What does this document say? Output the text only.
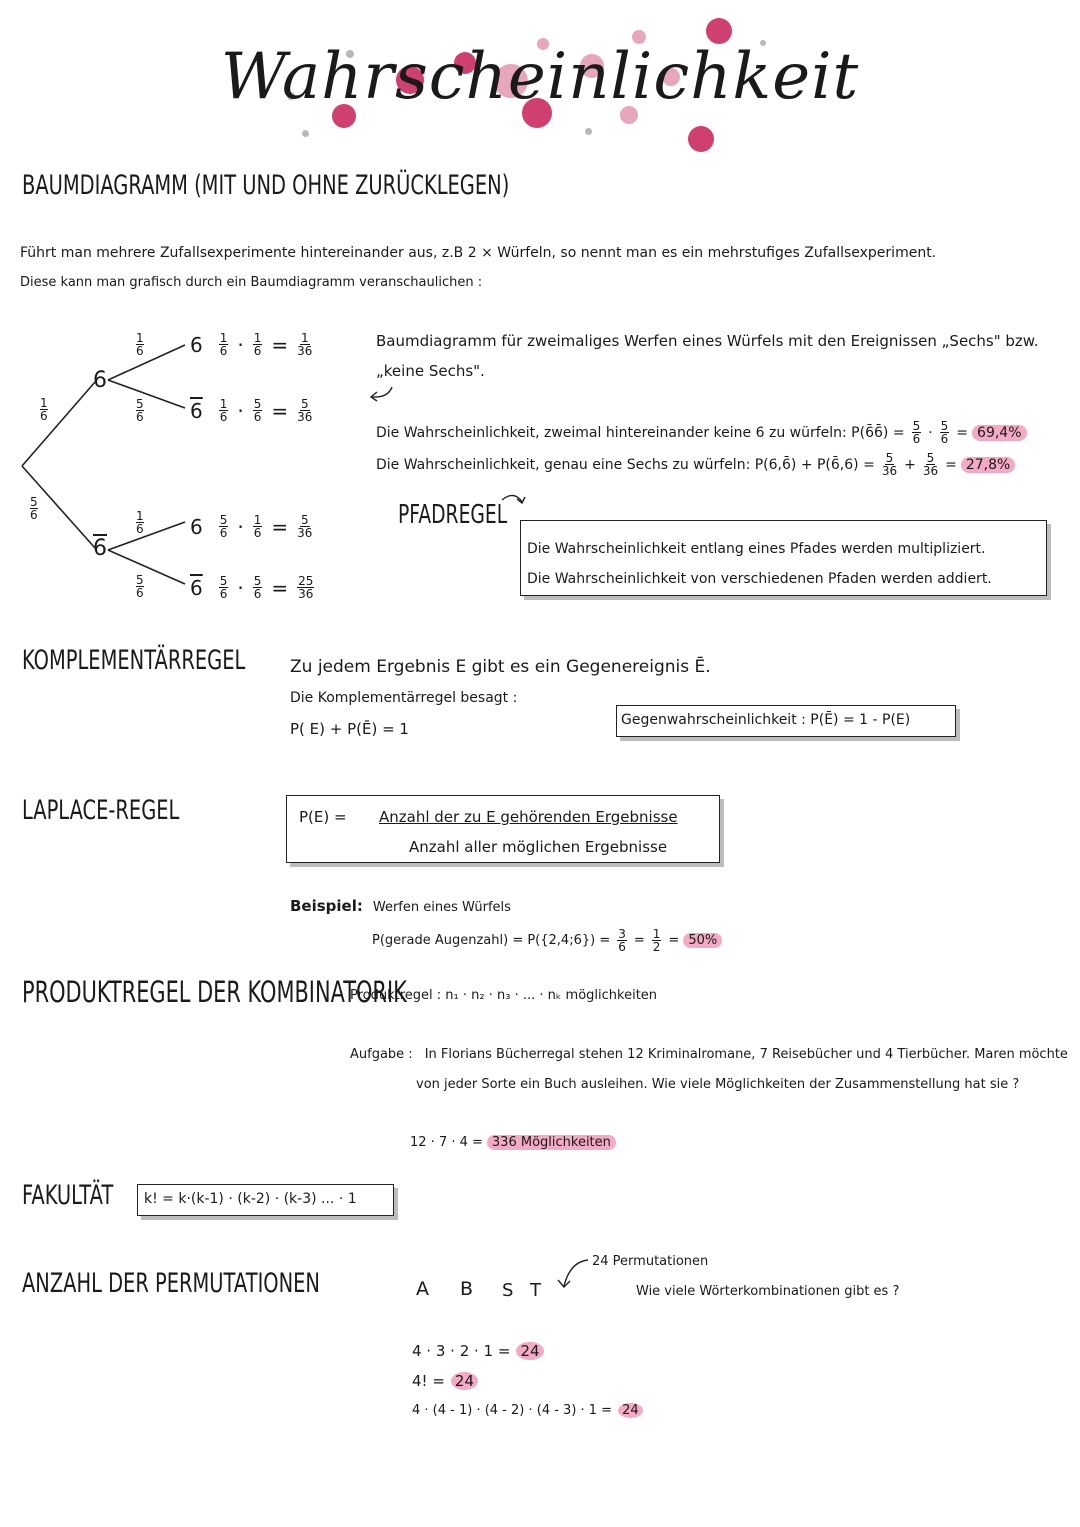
Wahrscheinlichkeit
BAUMDIAGRAMM (MIT UND OHNE ZURÜCKLEGEN)
Führt man mehrere Zufallsexperimente hintereinander aus, z.B 2 × Würfeln, so nennt man es ein mehrstufiges Zufallsexperiment.
Diese kann man grafisch durch ein Baumdiagramm veranschaulichen :
1
6
5
6
6
6
1
6
5
6
1
6
5
6
$6 \frac{1}{6} \cdot \frac{1}{6} = \frac{1}{36}$
$6 \frac{1}{6} \cdot \frac{5}{6} = \frac{5}{36}$
$6 \frac{5}{6} \cdot \frac{1}{6} = \frac{5}{36}$
$6 \frac{5}{6} \cdot \frac{5}{6} = \frac{25}{36}$
Baumdiagramm für zweimaliges Werfen eines Würfels mit den Ereignissen „Sechs" bzw.
„keine Sechs".
Die Wahrscheinlichkeit, zweimal hintereinander keine 6 zu würfeln: P(6̄6̄) = $\frac{5}{6} \cdot \frac{5}{6} = 69,4\%$
Die Wahrscheinlichkeit, genau eine Sechs zu würfeln: P(6,6̄) + P(6̄,6) = $\frac{5}{36} + \frac{5}{36} = 27,8\%$
PFADREGEL
Die Wahrscheinlichkeit entlang eines Pfades werden multipliziert.
Die Wahrscheinlichkeit von verschiedenen Pfaden werden addiert.
KOMPLEMENTÄRREGEL	Zu jedem Ergebnis E gibt es ein Gegenereignis Ē.
Die Komplementärregel besagt :
P( E) + P(Ē) = 1	Gegenwahrscheinlichkeit : P(Ē) = 1 - P(E)
LAPLACE-REGEL	P(E) = Anzahl der zu E gehörenden Ergebnisse
Anzahl aller möglichen Ergebnisse
Beispiel: Werfen eines Würfels
P(gerade Augenzahl) = P({2,4;6}) = $\frac{3}{6} = \frac{1}{2} = 50\%$
PRODUKTREGEL DER KOMBINATORIK
Produktregel : n₁ · n₂ · n₃ · ... · nₖ möglichkeiten
Aufgabe : In Florians Bücherregal stehen 12 Kriminalromane, 7 Reisebücher und 4 Tierbücher. Maren möchte
von jeder Sorte ein Buch ausleihen. Wie viele Möglichkeiten der Zusammenstellung hat sie ?
12 · 7 · 4 = 336 Möglichkeiten
FAKULTÄT k! = k·(k-1) · (k-2) · (k-3) ... · 1
ANZAHL DER PERMUTATIONEN	A B S T
24 Permutationen
Wie viele Wörterkombinationen gibt es ?
4 · 3 · 2 · 1 = 24
4! = 24
4 · (4 - 1) · (4 - 2) · (4 - 3) · 1 = 24
